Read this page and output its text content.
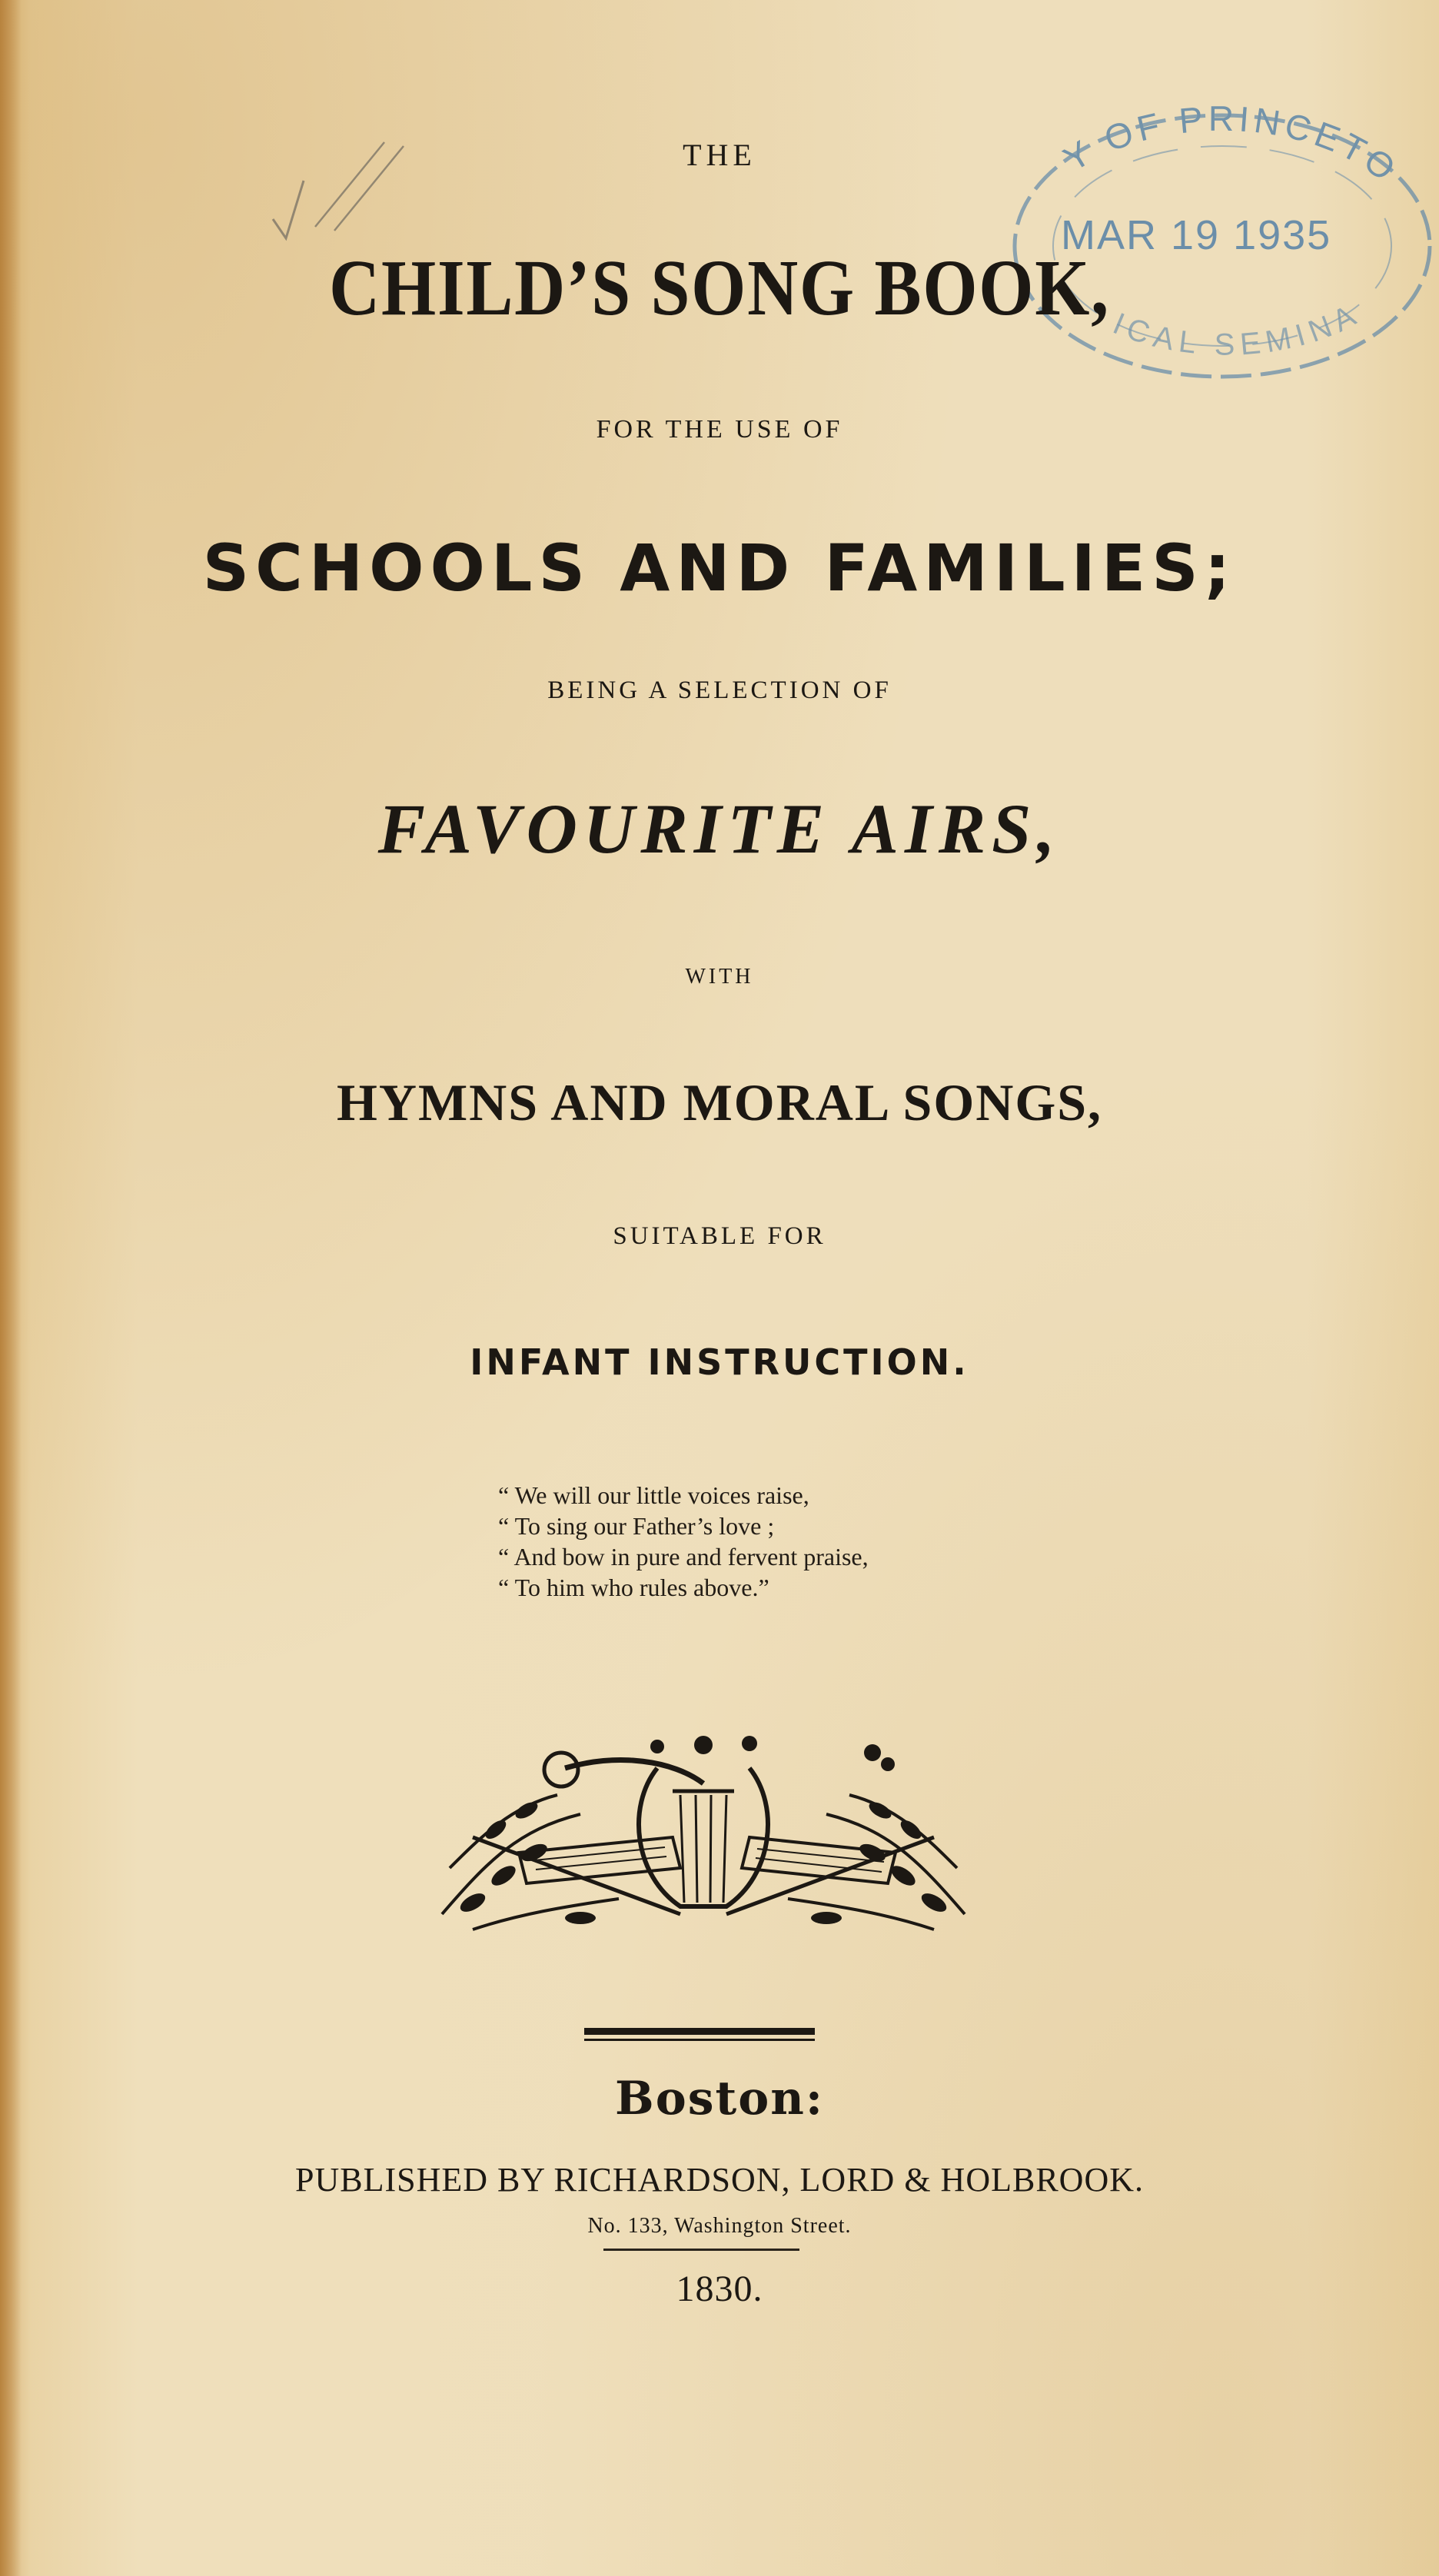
Y OF PRINCETO
ICAL SEMINA
MAR 19 1935

THE

CHILD’S SONG BOOK,

FOR THE USE OF

SCHOOLS AND FAMILIES;

BEING A SELECTION OF

FAVOURITE AIRS,

WITH

HYMNS AND MORAL SONGS,

SUITABLE FOR

INFANT INSTRUCTION.
“ We will our little voices raise,
“ To sing our Father’s love ;
“ And bow in pure and fervent praise,
“ To him who rules above.”

Boston:

PUBLISHED BY RICHARDSON, LORD & HOLBROOK.

No. 133, Washington Street.

1830.
